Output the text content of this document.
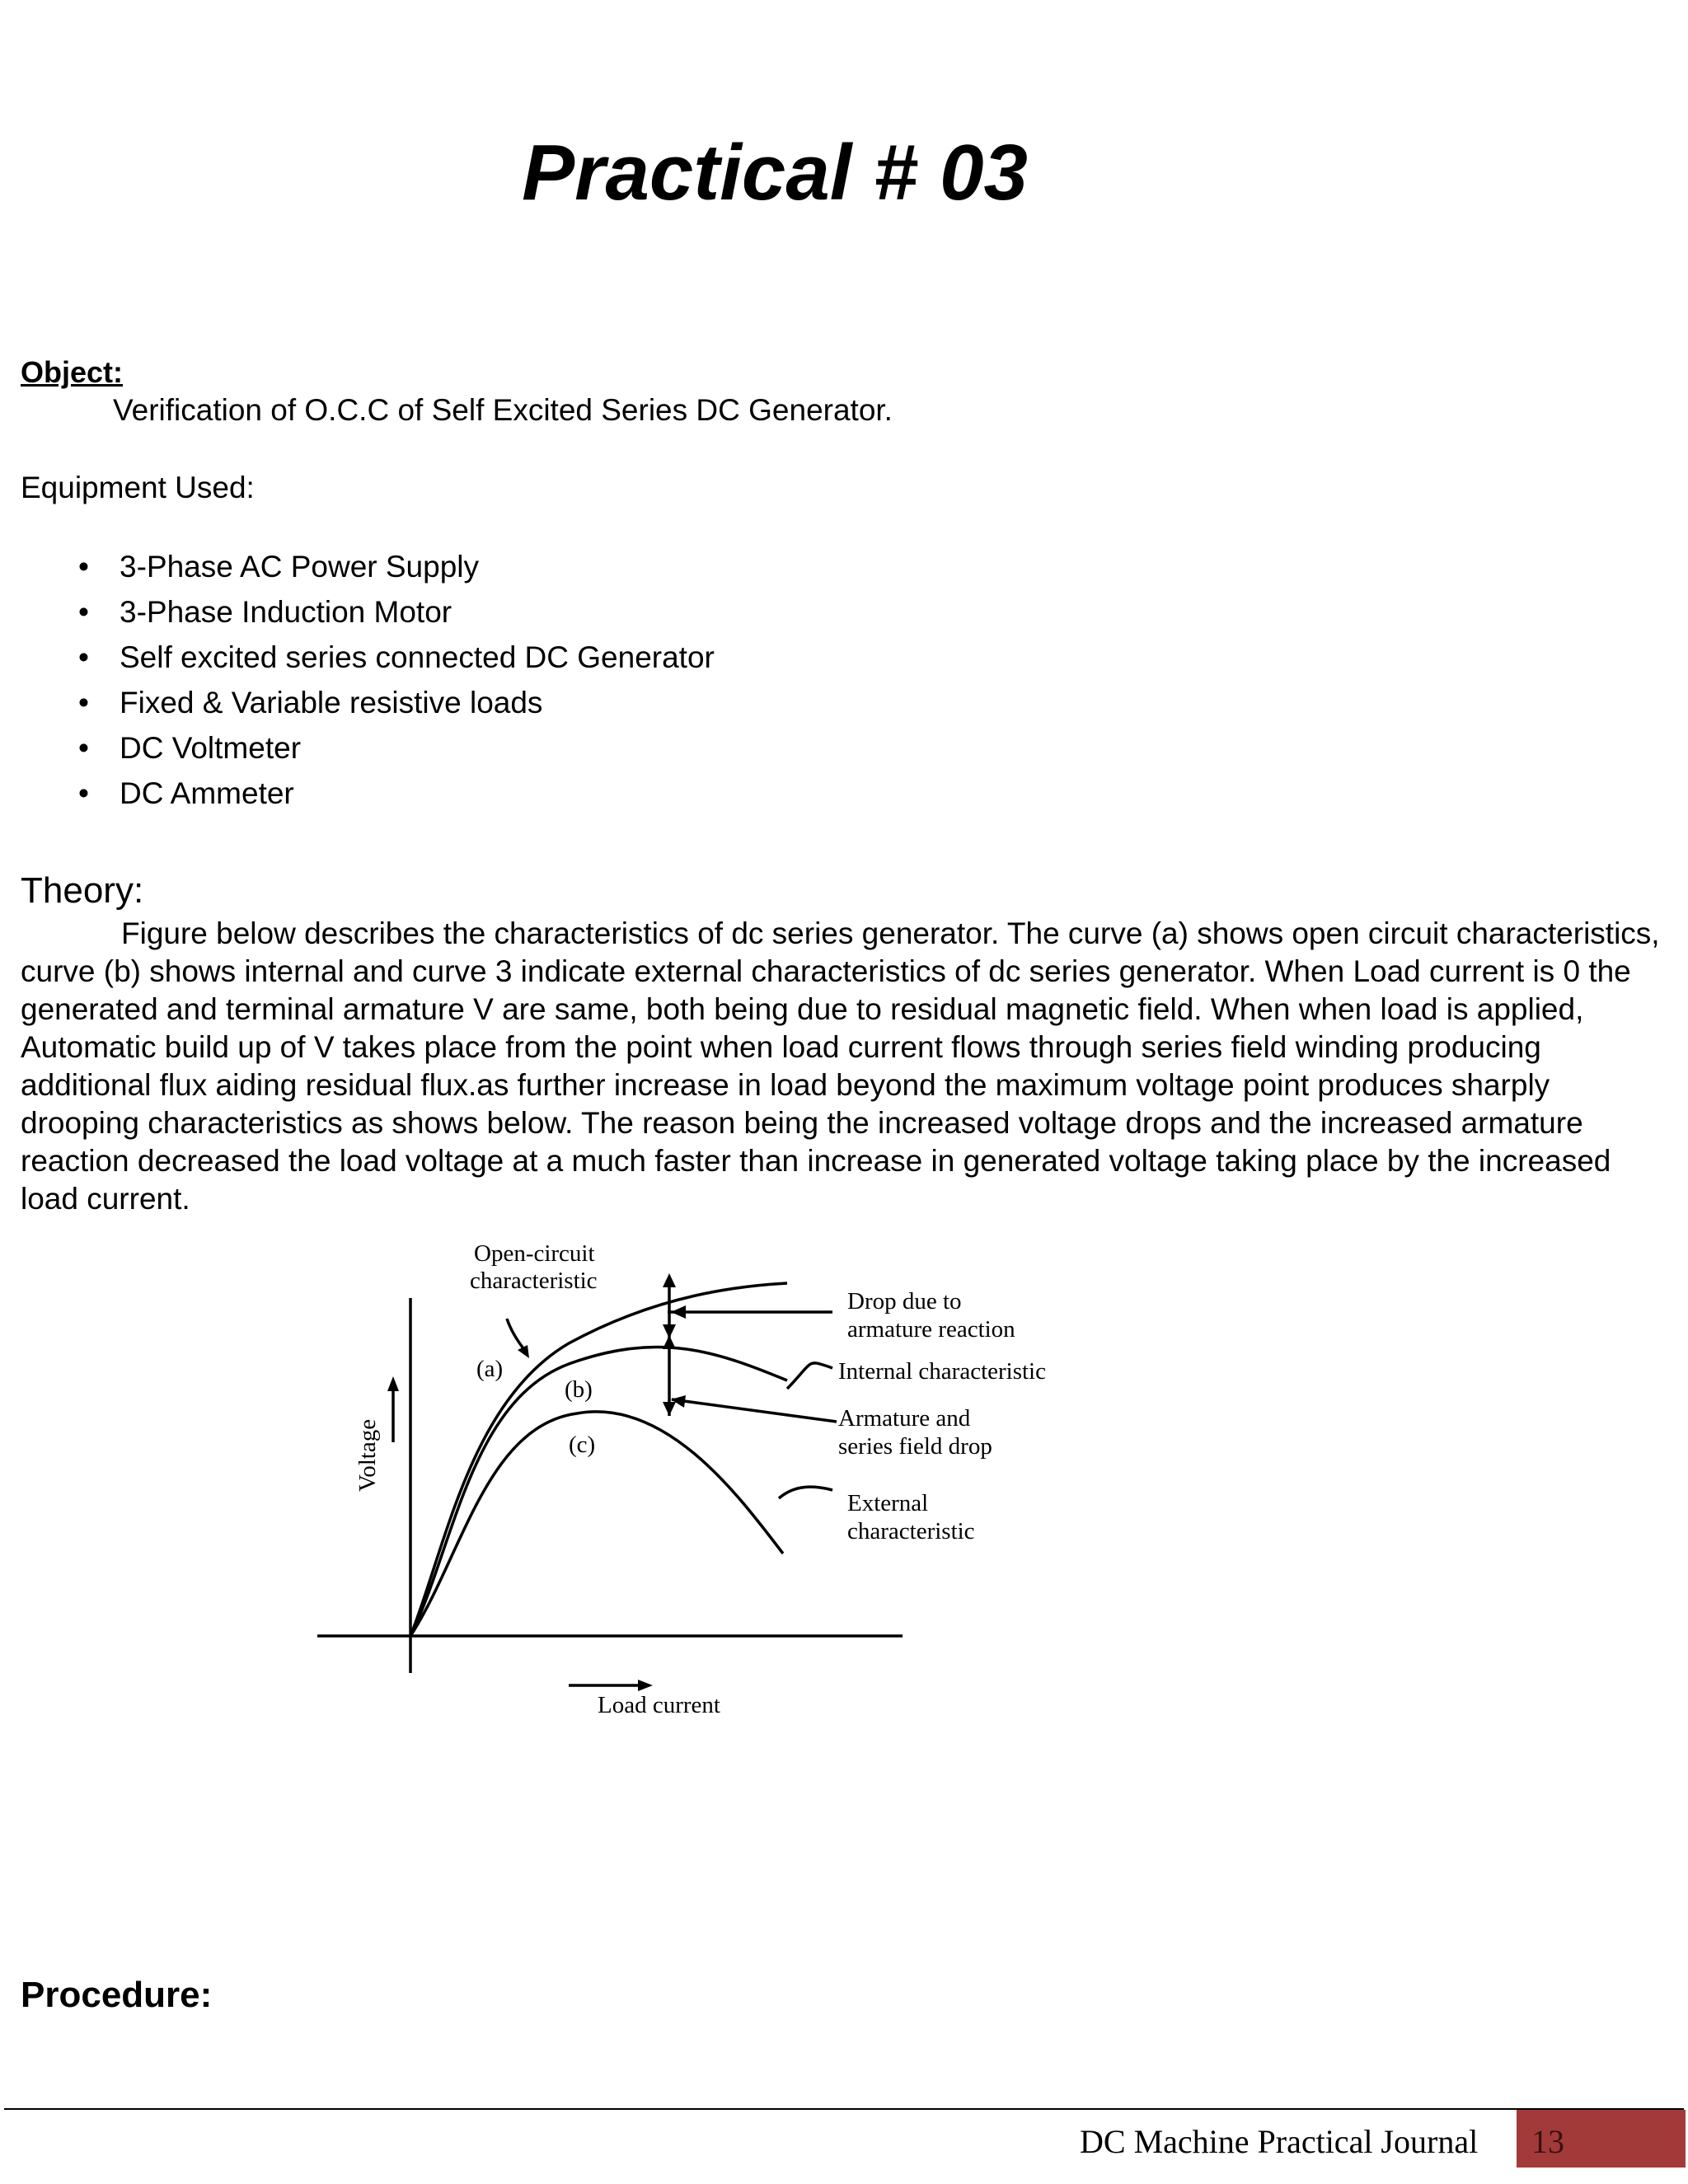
Practical # 03
Object:
Verification of O.C.C of Self Excited Series DC Generator.
Equipment Used:
• 3-Phase AC Power Supply
• 3-Phase Induction Motor
• Self excited series connected DC Generator
• Fixed & Variable resistive loads
• DC Voltmeter
• DC Ammeter
Theory:

Figure below describes the characteristics of dc series generator. The curve (a) shows open circuit characteristics, curve (b) shows internal and curve 3 indicate external characteristics of dc series generator. When Load current is 0 the generated and terminal armature V are same, both being due to residual magnetic field. When when load is applied, Automatic build up of V takes place from the point when load current flows through series field winding producing additional flux aiding residual flux.as further increase in load beyond the maximum voltage point produces sharply drooping characteristics as shows below. The reason being the increased voltage drops and the increased armature reaction decreased the load voltage at a much faster than increase in generated voltage taking place by the increased load current.

Open-circuit
characteristic
(a)
(b)
(c)
Drop due to
armature reaction
Internal characteristic
Armature and
series field drop
External
characteristic
Voltage
Load current
Procedure:
DC Machine Practical Journal 13
